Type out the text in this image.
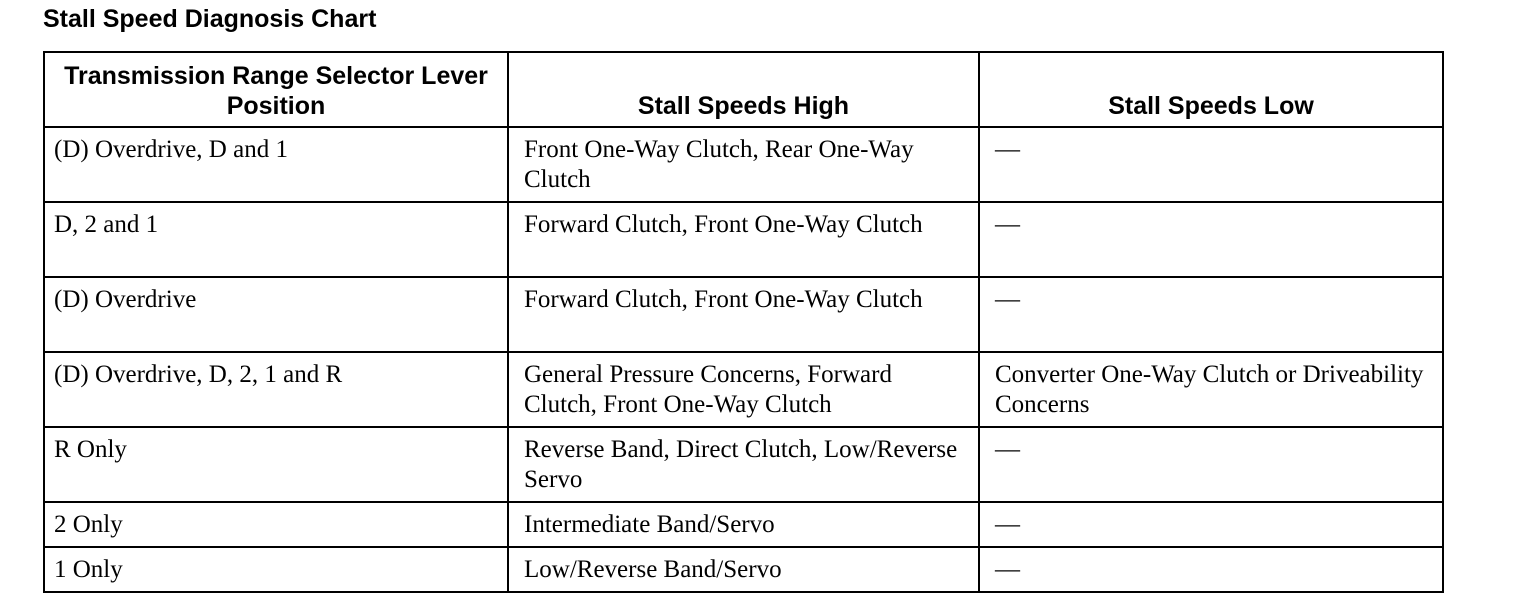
Stall Speed Diagnosis Chart
Transmission Range Selector Lever Position	Stall Speeds High	Stall Speeds Low
(D) Overdrive, D and 1	Front One-Way Clutch, Rear One-Way Clutch	—
D, 2 and 1	Forward Clutch, Front One-Way Clutch	—
(D) Overdrive	Forward Clutch, Front One-Way Clutch	—
(D) Overdrive, D, 2, 1 and R	General Pressure Concerns, Forward Clutch, Front One-Way Clutch	Converter One-Way Clutch or Driveability Concerns
R Only	Reverse Band, Direct Clutch, Low/Reverse Servo	—
2 Only	Intermediate Band/Servo	—
1 Only	Low/Reverse Band/Servo	—
